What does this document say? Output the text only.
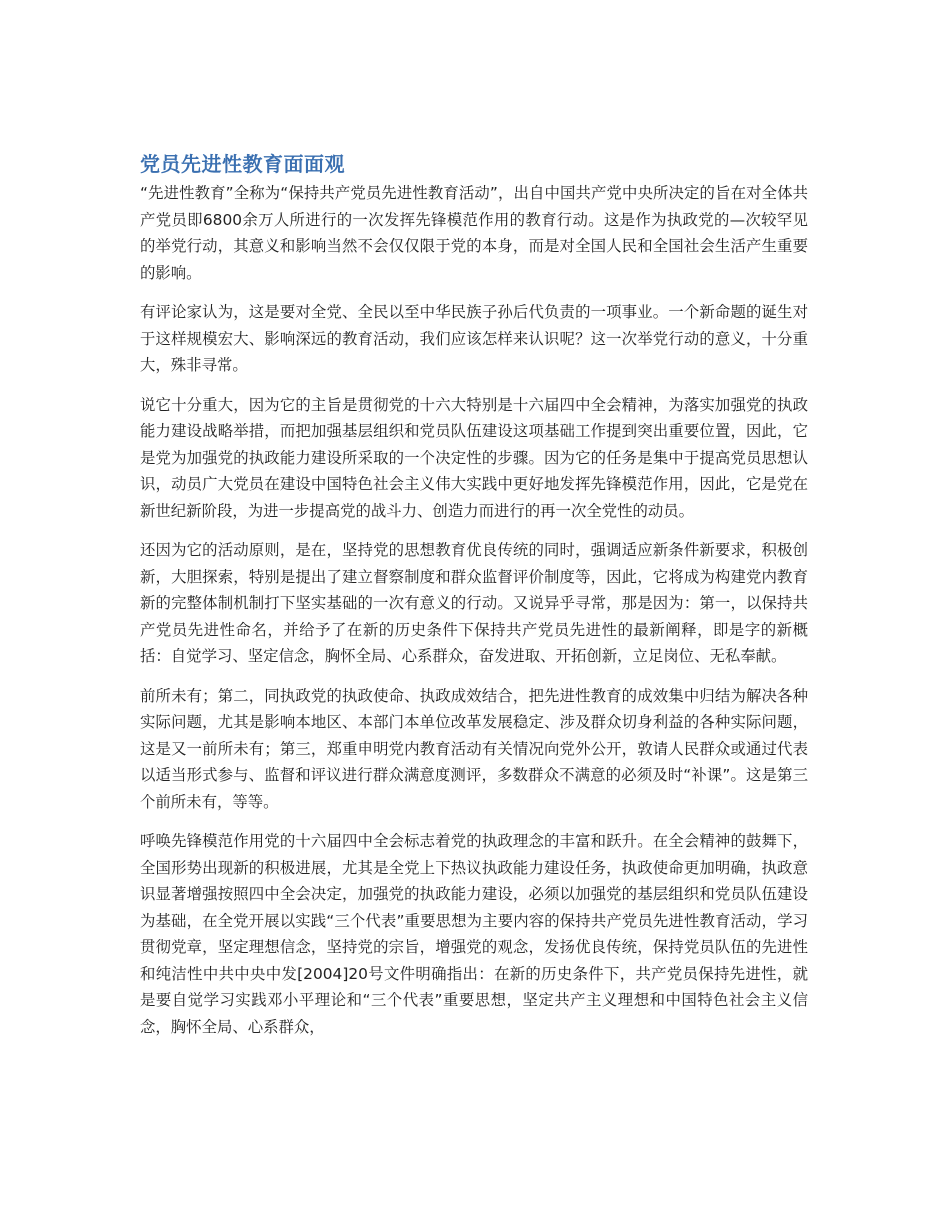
党员先进性教育面面观

“先进性教育”全称为“保持共产党员先进性教育活动”，出自中国共产党中央所决定的旨在对全体共产党员即6800余万人所进行的一次发挥先锋模范作用的教育行动。这是作为执政党的—次较罕见的举党行动，其意义和影响当然不会仅仅限于党的本身，而是对全国人民和全国社会生活产生重要的影响。

有评论家认为，这是要对全党、全民以至中华民族子孙后代负责的一项事业。一个新命题的诞生对于这样规模宏大、影响深远的教育活动，我们应该怎样来认识呢？这一次举党行动的意义，十分重大，殊非寻常。

说它十分重大，因为它的主旨是贯彻党的十六大特别是十六届四中全会精神，为落实加强党的执政能力建设战略举措，而把加强基层组织和党员队伍建设这项基础工作提到突出重要位置，因此，它是党为加强党的执政能力建设所采取的一个决定性的步骤。因为它的任务是集中于提高党员思想认识，动员广大党员在建设中国特色社会主义伟大实践中更好地发挥先锋模范作用，因此，它是党在新世纪新阶段，为进一步提高党的战斗力、创造力而进行的再一次全党性的动员。

还因为它的活动原则，是在，坚持党的思想教育优良传统的同时，强调适应新条件新要求，积极创新，大胆探索，特别是提出了建立督察制度和群众监督评价制度等，因此，它将成为构建党内教育新的完整体制机制打下坚实基础的一次有意义的行动。又说异乎寻常，那是因为：第一，以保持共产党员先进性命名，并给予了在新的历史条件下保持共产党员先进性的最新阐释，即是字的新概括：自觉学习、坚定信念，胸怀全局、心系群众，奋发进取、开拓创新，立足岗位、无私奉献。

前所未有；第二，同执政党的执政使命、执政成效结合，把先进性教育的成效集中归结为解决各种实际问题，尤其是影响本地区、本部门本单位改革发展稳定、涉及群众切身利益的各种实际问题，这是又一前所未有；第三，郑重申明党内教育活动有关情况向党外公开，敦请人民群众或通过代表以适当形式参与、监督和评议进行群众满意度测评，多数群众不满意的必须及时“补课”。这是第三个前所未有，等等。

呼唤先锋模范作用党的十六届四中全会标志着党的执政理念的丰富和跃升。在全会精神的鼓舞下，全国形势出现新的积极进展，尤其是全党上下热议执政能力建设任务，执政使命更加明确，执政意识显著增强按照四中全会决定，加强党的执政能力建设，必须以加强党的基层组织和党员队伍建设为基础，在全党开展以实践“三个代表”重要思想为主要内容的保持共产党员先进性教育活动，学习贯彻党章，坚定理想信念，坚持党的宗旨，增强党的观念，发扬优良传统，保持党员队伍的先进性和纯洁性中共中央中发[2004]20号文件明确指出：在新的历史条件下，共产党员保持先进性，就是要自觉学习实践邓小平理论和“三个代表”重要思想，坚定共产主义理想和中国特色社会主义信念，胸怀全局、心系群众，
